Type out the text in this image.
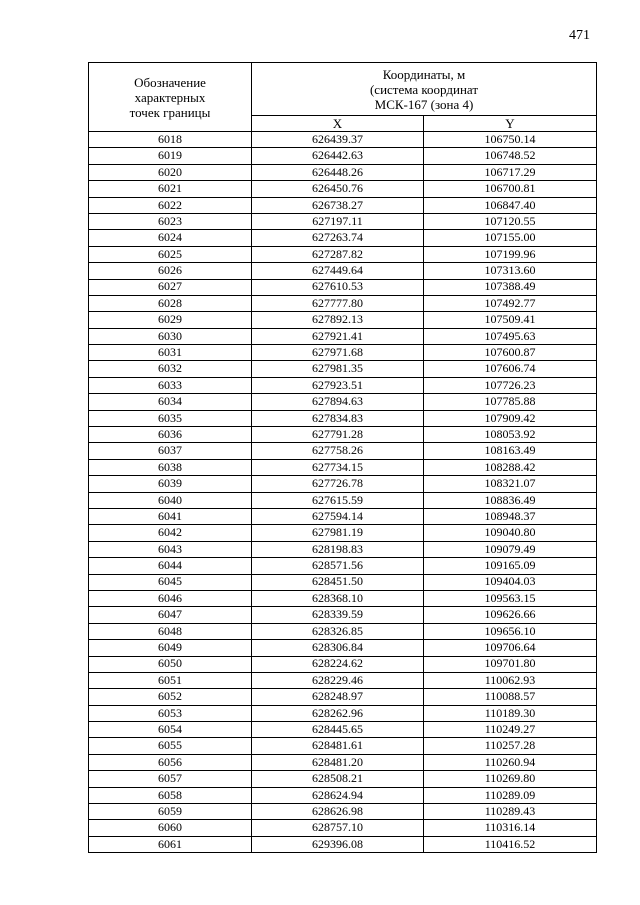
471
Обозначение
характерных
точек границы	Координаты, м
(система координат
МСК-167 (зона 4)	

	X	Y
6018	626439.37	106750.14
6019	626442.63	106748.52
6020	626448.26	106717.29
6021	626450.76	106700.81
6022	626738.27	106847.40
6023	627197.11	107120.55
6024	627263.74	107155.00
6025	627287.82	107199.96
6026	627449.64	107313.60
6027	627610.53	107388.49
6028	627777.80	107492.77
6029	627892.13	107509.41
6030	627921.41	107495.63
6031	627971.68	107600.87
6032	627981.35	107606.74
6033	627923.51	107726.23
6034	627894.63	107785.88
6035	627834.83	107909.42
6036	627791.28	108053.92
6037	627758.26	108163.49
6038	627734.15	108288.42
6039	627726.78	108321.07
6040	627615.59	108836.49
6041	627594.14	108948.37
6042	627981.19	109040.80
6043	628198.83	109079.49
6044	628571.56	109165.09
6045	628451.50	109404.03
6046	628368.10	109563.15
6047	628339.59	109626.66
6048	628326.85	109656.10
6049	628306.84	109706.64
6050	628224.62	109701.80
6051	628229.46	110062.93
6052	628248.97	110088.57
6053	628262.96	110189.30
6054	628445.65	110249.27
6055	628481.61	110257.28
6056	628481.20	110260.94
6057	628508.21	110269.80
6058	628624.94	110289.09
6059	628626.98	110289.43
6060	628757.10	110316.14
6061	629396.08	110416.52
